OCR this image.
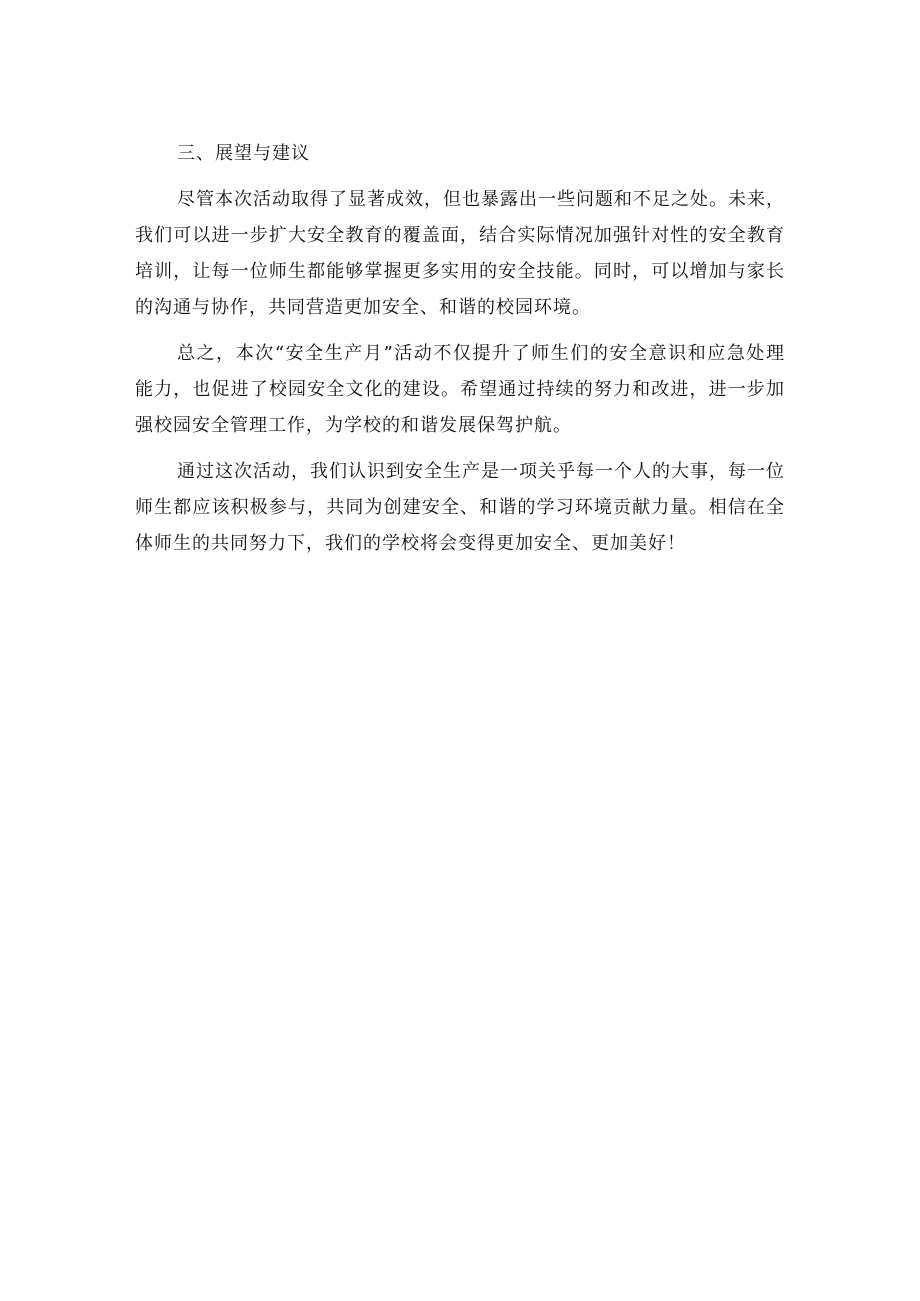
三、展望与建议

尽管本次活动取得了显著成效，但也暴露出一些问题和不足之处。未来，我们可以进一步扩大安全教育的覆盖面，结合实际情况加强针对性的安全教育培训，让每一位师生都能够掌握更多实用的安全技能。同时，可以增加与家长的沟通与协作，共同营造更加安全、和谐的校园环境。

总之，本次“安全生产月”活动不仅提升了师生们的安全意识和应急处理能力，也促进了校园安全文化的建设。希望通过持续的努力和改进，进一步加强校园安全管理工作，为学校的和谐发展保驾护航。

通过这次活动，我们认识到安全生产是一项关乎每一个人的大事，每一位师生都应该积极参与，共同为创建安全、和谐的学习环境贡献力量。相信在全体师生的共同努力下，我们的学校将会变得更加安全、更加美好！
